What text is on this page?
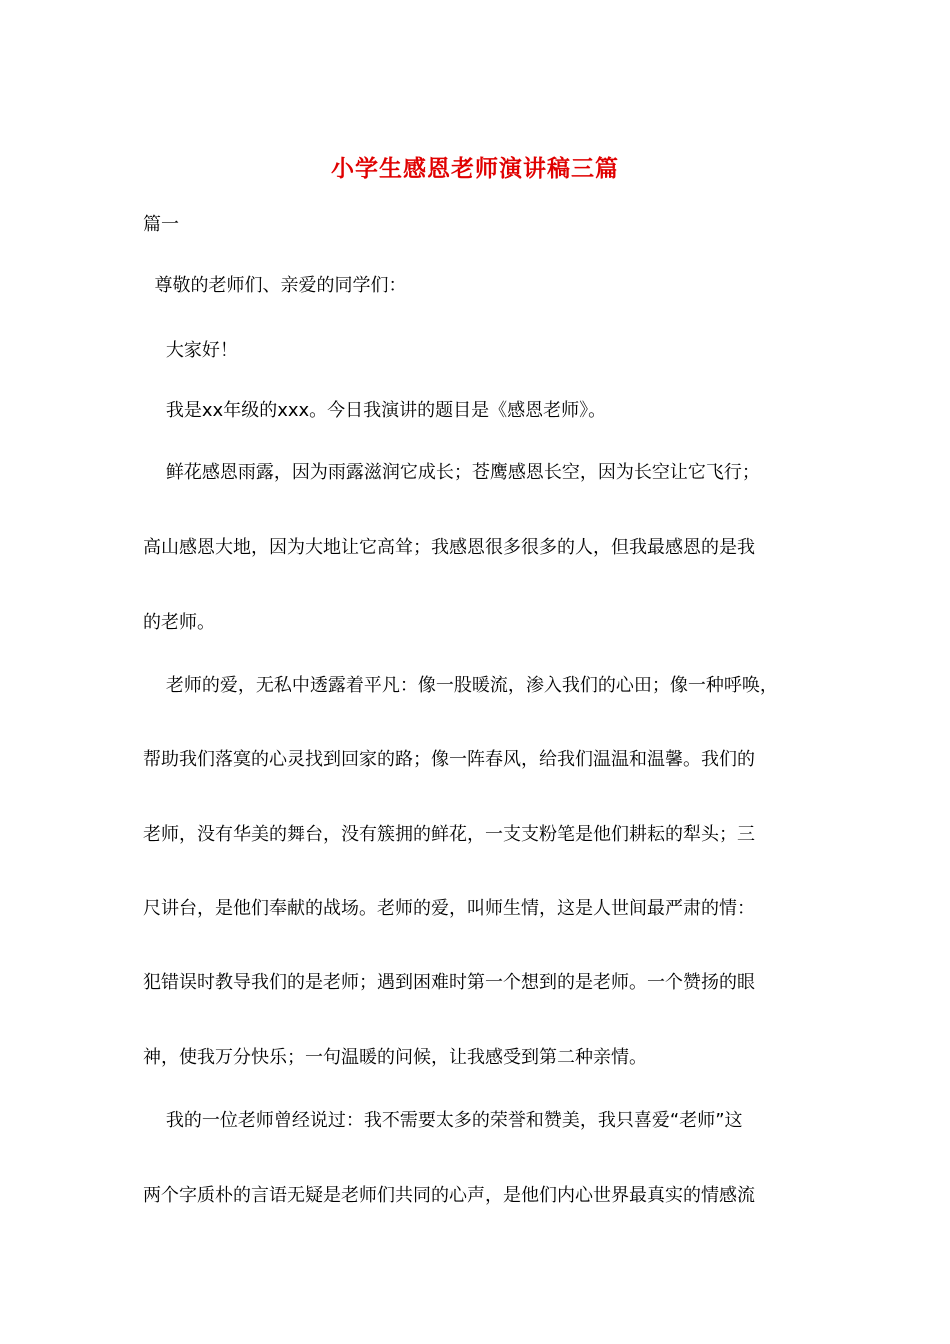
小学生感恩老师演讲稿三篇
篇一
尊敬的老师们、亲爱的同学们：
大家好！
我是xx年级的xxx。今日我演讲的题目是《感恩老师》。
鲜花感恩雨露，因为雨露滋润它成长；苍鹰感恩长空，因为长空让它飞行；
高山感恩大地，因为大地让它高耸；我感恩很多很多的人，但我最感恩的是我
的老师。
老师的爱，无私中透露着平凡：像一股暖流，渗入我们的心田；像一种呼唤，
帮助我们落寞的心灵找到回家的路；像一阵春风，给我们温温和温馨。我们的
老师，没有华美的舞台，没有簇拥的鲜花，一支支粉笔是他们耕耘的犁头；三
尺讲台，是他们奉献的战场。老师的爱，叫师生情，这是人世间最严肃的情：
犯错误时教导我们的是老师；遇到困难时第一个想到的是老师。一个赞扬的眼
神，使我万分快乐；一句温暖的问候，让我感受到第二种亲情。
我的一位老师曾经说过：我不需要太多的荣誉和赞美，我只喜爱“老师”这
两个字质朴的言语无疑是老师们共同的心声，是他们内心世界最真实的情感流
